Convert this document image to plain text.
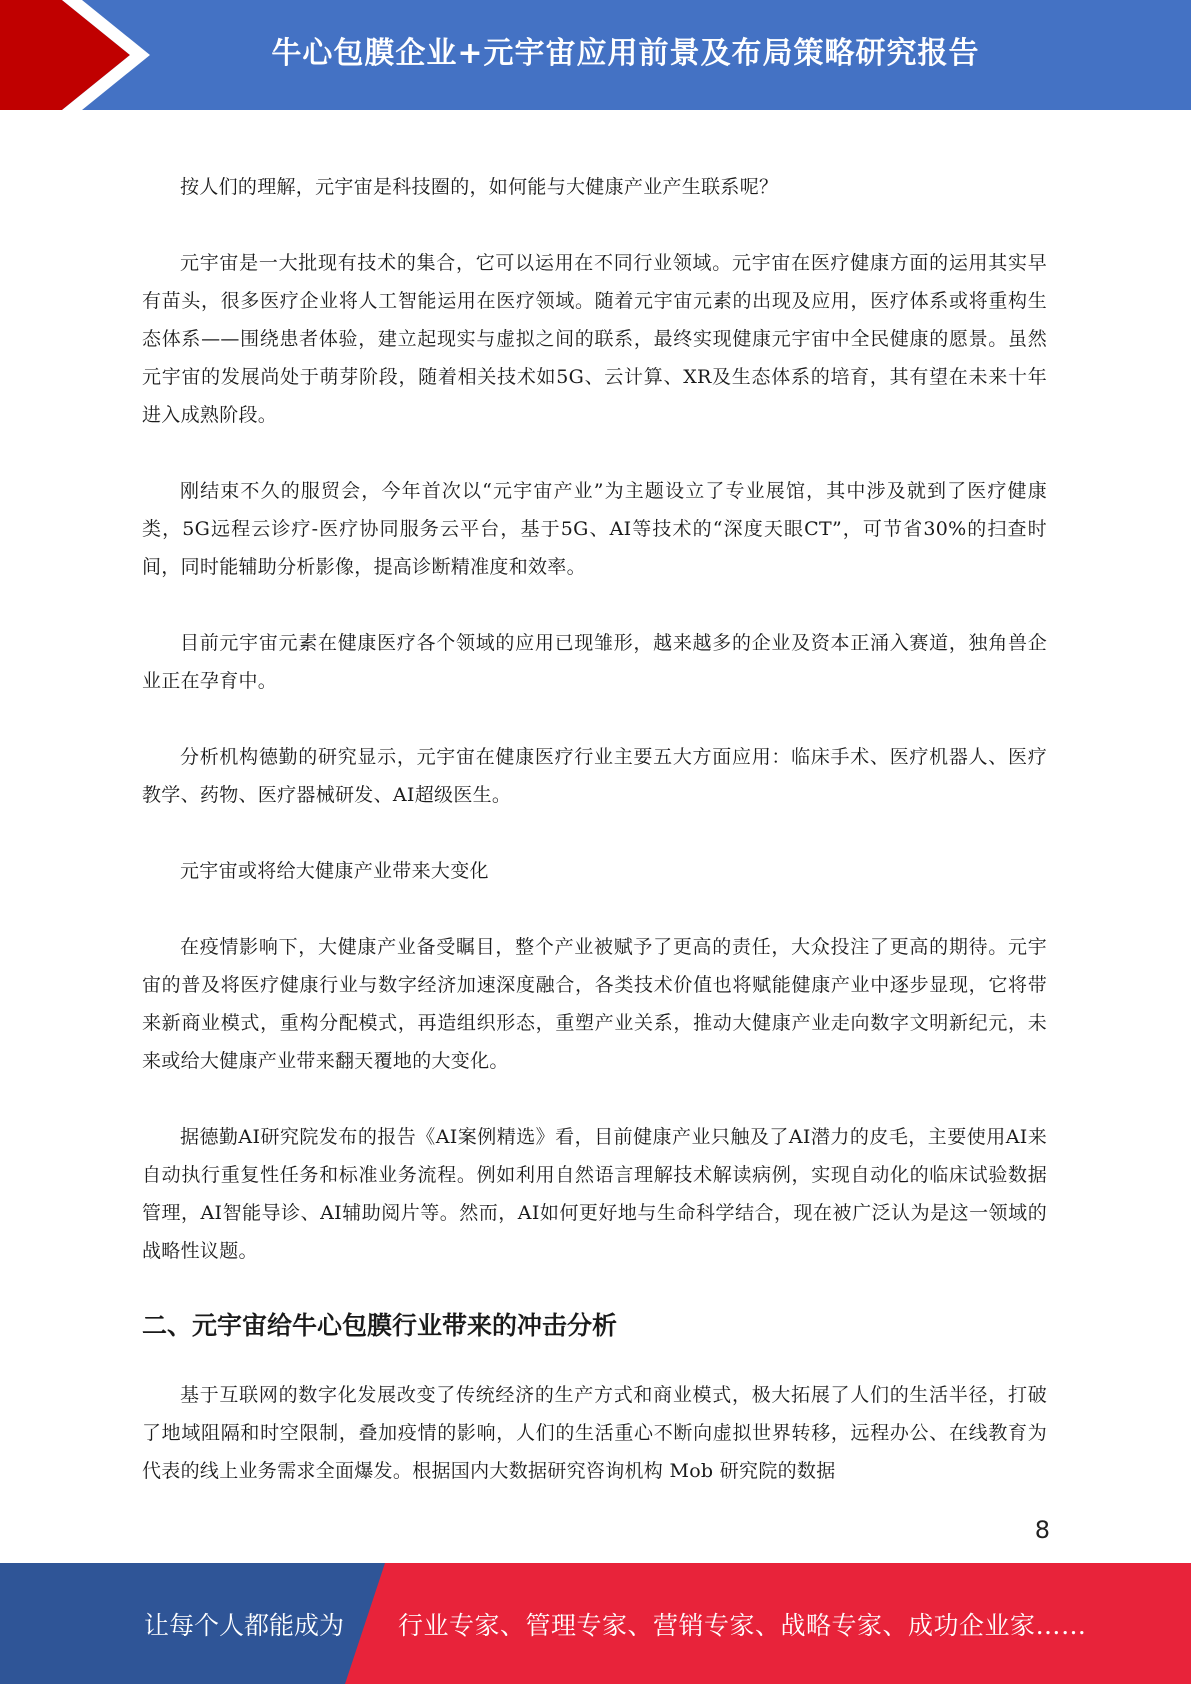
牛心包膜企业+元宇宙应用前景及布局策略研究报告

按人们的理解，元宇宙是科技圈的，如何能与大健康产业产生联系呢？

元宇宙是一大批现有技术的集合，它可以运用在不同行业领域。元宇宙在医疗健康方面的运用其实早有苗头，很多医疗企业将人工智能运用在医疗领域。随着元宇宙元素的出现及应用，医疗体系或将重构生态体系——围绕患者体验，建立起现实与虚拟之间的联系，最终实现健康元宇宙中全民健康的愿景。虽然元宇宙的发展尚处于萌芽阶段，随着相关技术如5G、云计算、XR及生态体系的培育，其有望在未来十年进入成熟阶段。

刚结束不久的服贸会，今年首次以“元宇宙产业”为主题设立了专业展馆，其中涉及就到了医疗健康类，5G远程云诊疗-医疗协同服务云平台，基于5G、AI等技术的“深度天眼CT”，可节省30%的扫查时间，同时能辅助分析影像，提高诊断精准度和效率。

目前元宇宙元素在健康医疗各个领域的应用已现雏形，越来越多的企业及资本正涌入赛道，独角兽企业正在孕育中。

分析机构德勤的研究显示，元宇宙在健康医疗行业主要五大方面应用：临床手术、医疗机器人、医疗教学、药物、医疗器械研发、AI超级医生。

元宇宙或将给大健康产业带来大变化

在疫情影响下，大健康产业备受瞩目，整个产业被赋予了更高的责任，大众投注了更高的期待。元宇宙的普及将医疗健康行业与数字经济加速深度融合，各类技术价值也将赋能健康产业中逐步显现，它将带来新商业模式，重构分配模式，再造组织形态，重塑产业关系，推动大健康产业走向数字文明新纪元，未来或给大健康产业带来翻天覆地的大变化。

据德勤AI研究院发布的报告《AI案例精选》看，目前健康产业只触及了AI潜力的皮毛，主要使用AI来自动执行重复性任务和标准业务流程。例如利用自然语言理解技术解读病例，实现自动化的临床试验数据管理，AI智能导诊、AI辅助阅片等。然而，AI如何更好地与生命科学结合，现在被广泛认为是这一领域的战略性议题。

二、元宇宙给牛心包膜行业带来的冲击分析

基于互联网的数字化发展改变了传统经济的生产方式和商业模式，极大拓展了人们的生活半径，打破了地域阻隔和时空限制，叠加疫情的影响，人们的生活重心不断向虚拟世界转移，远程办公、在线教育为代表的线上业务需求全面爆发。根据国内大数据研究咨询机构 Mob 研究院的数据

8
让每个人都能成为 行业专家、管理专家、营销专家、战略专家、成功企业家……
